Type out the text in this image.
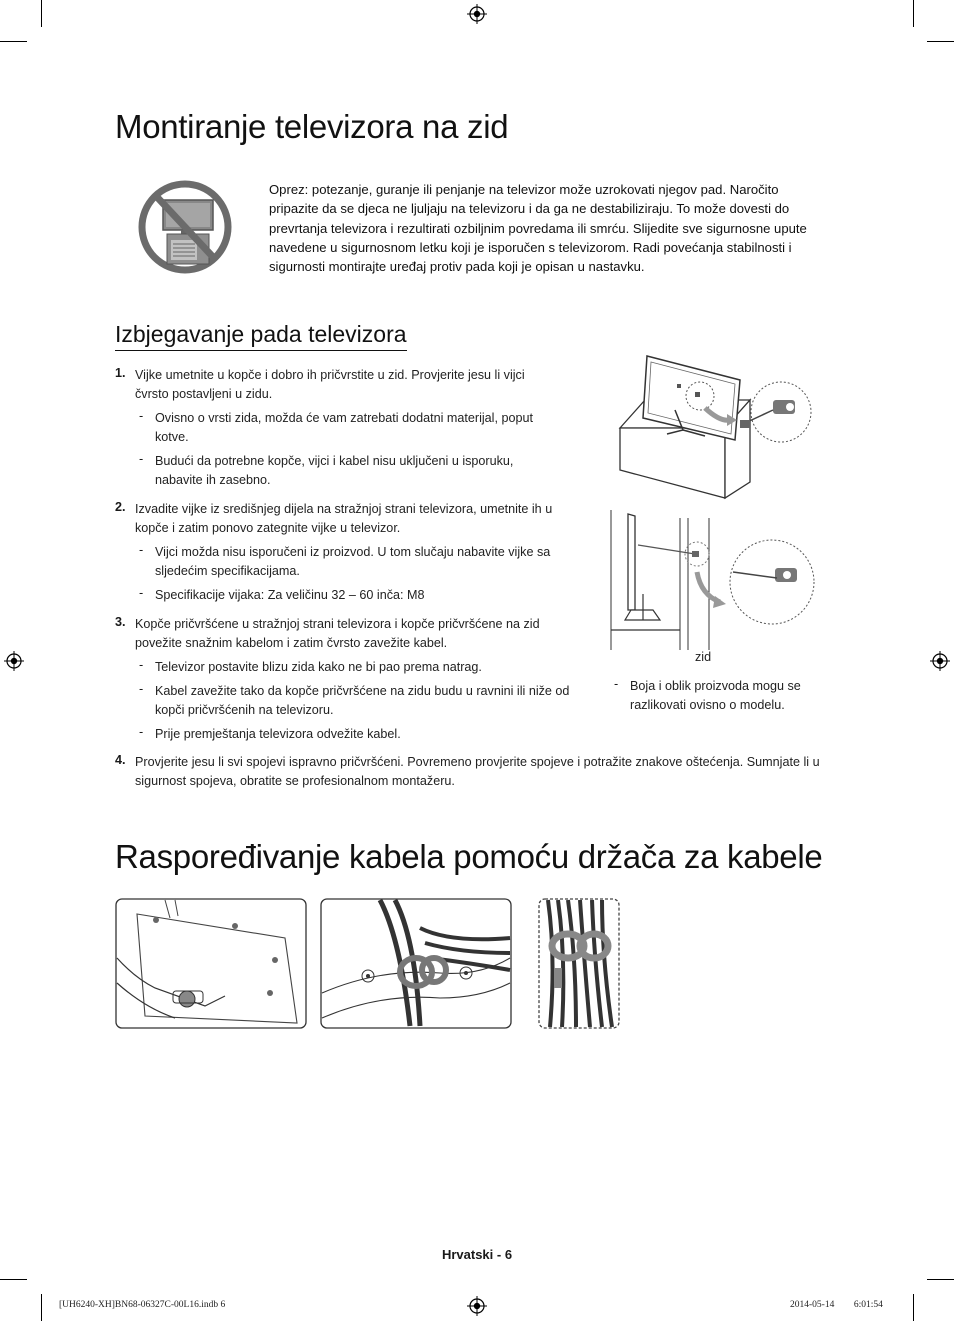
Montiranje televizora na zid
Oprez: potezanje, guranje ili penjanje na televizor može uzrokovati njegov pad. Naročito pripazite da se djeca ne ljuljaju na televizoru i da ga ne destabiliziraju. To može dovesti do prevrtanja televizora i rezultirati ozbiljnim povredama ili smrću. Slijedite sve sigurnosne upute navedene u sigurnosnom letku koji je isporučen s televizorom. Radi povećanja stabilnosti i sigurnosti montirajte uređaj protiv pada koji je opisan u nastavku.
Izbjegavanje pada televizora
1. Vijke umetnite u kopče i dobro ih pričvrstite u zid. Provjerite jesu li vijci čvrsto postavljeni u zidu.
- Ovisno o vrsti zida, možda će vam zatrebati dodatni materijal, poput kotve.
- Budući da potrebne kopče, vijci i kabel nisu uključeni u isporuku, nabavite ih zasebno.
2. Izvadite vijke iz središnjeg dijela na stražnjoj strani televizora, umetnite ih u kopče i zatim ponovo zategnite vijke u televizor.
- Vijci možda nisu isporučeni iz proizvod. U tom slučaju nabavite vijke sa sljedećim specifikacijama.
- Specifikacije vijaka: Za veličinu 32 – 60 inča: M8
3. Kopče pričvršćene u stražnjoj strani televizora i kopče pričvršćene na zid povežite snažnim kabelom i zatim čvrsto zavežite kabel.
- Televizor postavite blizu zida kako ne bi pao prema natrag.
- Kabel zavežite tako da kopče pričvršćene na zidu budu u ravnini ili niže od kopči pričvršćenih na televizoru.
- Prije premještanja televizora odvežite kabel.
4. Provjerite jesu li svi spojevi ispravno pričvršćeni. Povremeno provjerite spojeve i potražite znakove oštećenja. Sumnjate li u sigurnost spojeva, obratite se profesionalnom montažeru.
zid
- Boja i oblik proizvoda mogu se razlikovati ovisno o modelu.
Raspoređivanje kabela pomoću držača za kabele
Hrvatski - 6
[UH6240-XH]BN68-06327C-00L16.indb 6	2014-05-14 ￿￿ 6:01:54
